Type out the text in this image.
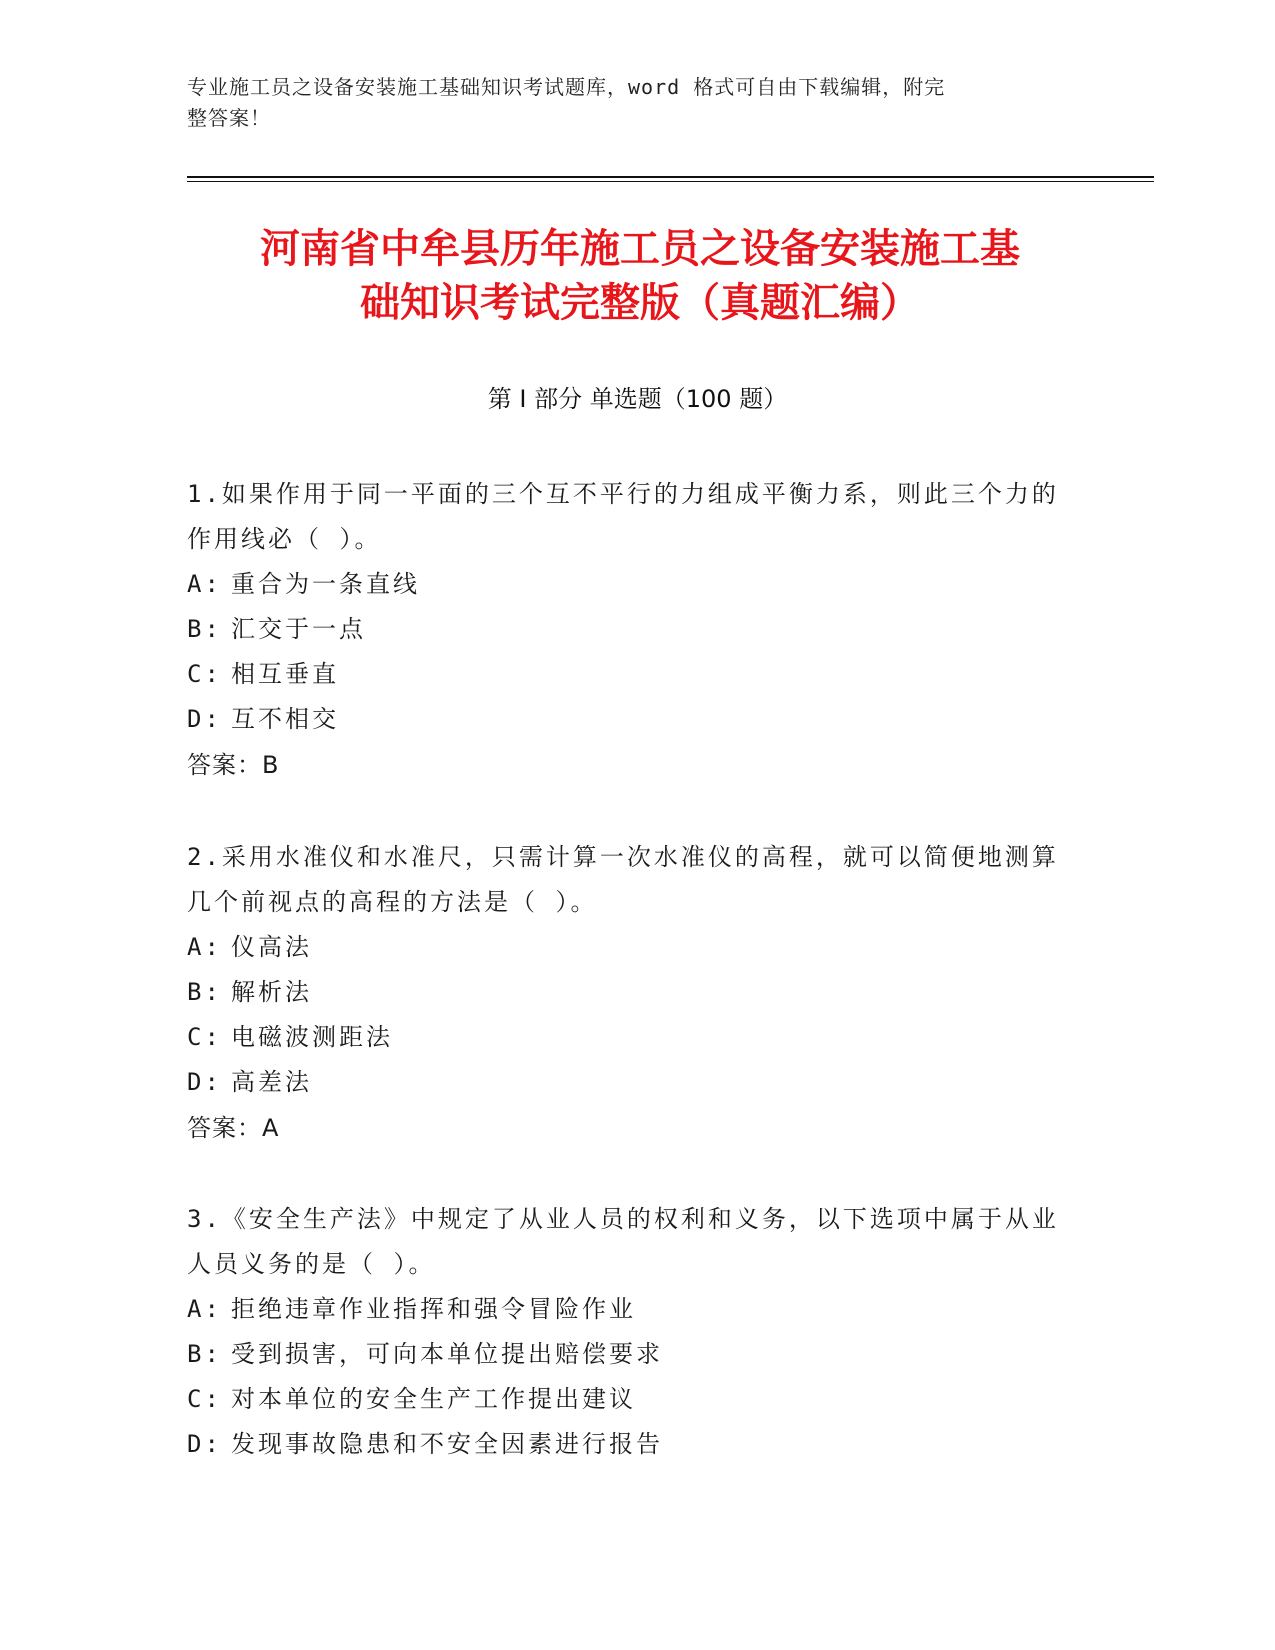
专业施工员之设备安装施工基础知识考试题库，word 格式可自由下载编辑，附完
整答案！
河南省中牟县历年施工员之设备安装施工基
础知识考试完整版（真题汇编）
第 I 部分 单选题（100 题）
1.如果作用于同一平面的三个互不平行的力组成平衡力系，则此三个力的作用线必（ ）。
A: 重合为一条直线
B: 汇交于一点
C: 相互垂直
D: 互不相交
答案：B
2.采用水准仪和水准尺，只需计算一次水准仪的高程，就可以简便地测算几个前视点的高程的方法是（ ）。
A: 仪高法
B: 解析法
C: 电磁波测距法
D: 高差法
答案：A
3.《安全生产法》中规定了从业人员的权利和义务，以下选项中属于从业人员义务的是（ ）。
A: 拒绝违章作业指挥和强令冒险作业
B: 受到损害，可向本单位提出赔偿要求
C: 对本单位的安全生产工作提出建议
D: 发现事故隐患和不安全因素进行报告
